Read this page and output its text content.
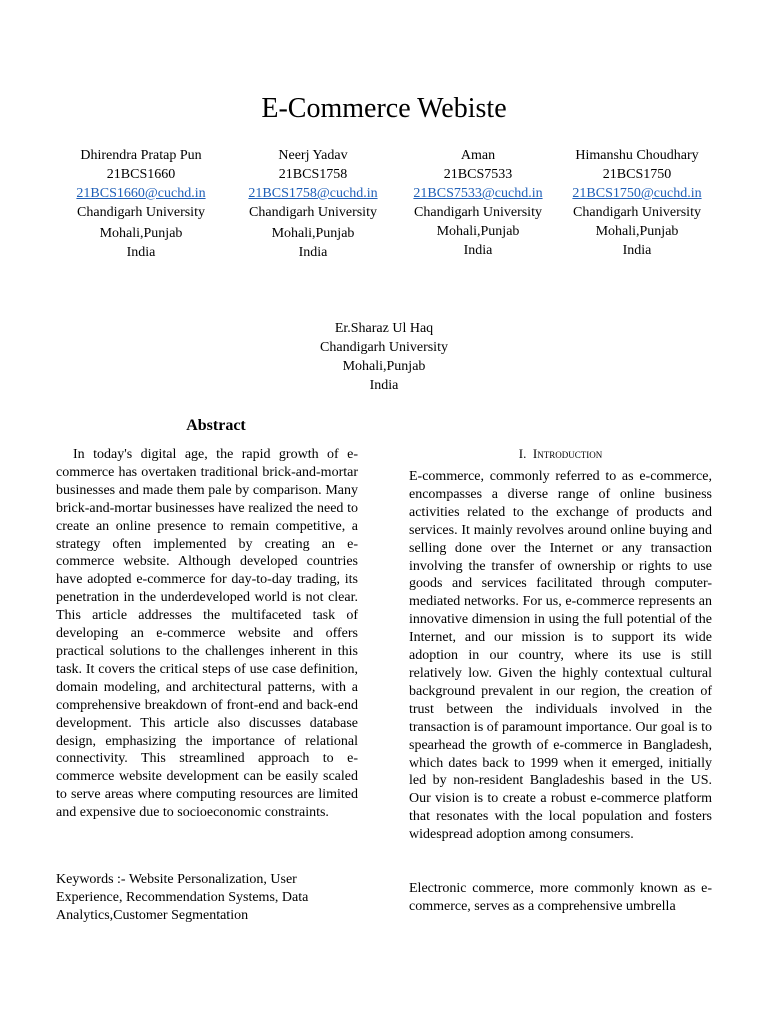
E-Commerce Webiste
Dhirendra Pratap Pun
21BCS1660
21BCS1660@cuchd.in
Chandigarh University
Mohali,Punjab
India
Neerj Yadav
21BCS1758
21BCS1758@cuchd.in
Chandigarh University
Mohali,Punjab
India
Aman
21BCS7533
21BCS7533@cuchd.in
Chandigarh University
Mohali,Punjab
India
Himanshu Choudhary
21BCS1750
21BCS1750@cuchd.in
Chandigarh University
Mohali,Punjab
India
Er.Sharaz Ul Haq
Chandigarh University
Mohali,Punjab
India
Abstract

In today's digital age, the rapid growth of e-commerce has overtaken traditional brick-and-mortar businesses and made them pale by comparison. Many brick-and-mortar businesses have realized the need to create an online presence to remain competitive, a strategy often implemented by creating an e-commerce website. Although developed countries have adopted e-commerce for day-to-day trading, its penetration in the underdeveloped world is not clear. This article addresses the multifaceted task of developing an e-commerce website and offers practical solutions to the challenges inherent in this task. It covers the critical steps of use case definition, domain modeling, and architectural patterns, with a comprehensive breakdown of front-end and back-end development. This article also discusses database design, emphasizing the importance of relational connectivity. This streamlined approach to e-commerce website development can be easily scaled to serve areas where computing resources are limited and expensive due to socioeconomic constraints.

Keywords :- Website Personalization, User Experience, Recommendation Systems, Data Analytics,Customer Segmentation

I.  Introduction

E-commerce, commonly referred to as e-commerce, encompasses a diverse range of online business activities related to the exchange of products and services. It mainly revolves around online buying and selling done over the Internet or any transaction involving the transfer of ownership or rights to use goods and services facilitated through computer-mediated networks. For us, e-commerce represents an innovative dimension in using the full potential of the Internet, and our mission is to support its wide adoption in our country, where its use is still relatively low. Given the highly contextual cultural background prevalent in our region, the creation of trust between the individuals involved in the transaction is of paramount importance. Our goal is to spearhead the growth of e-commerce in Bangladesh, which dates back to 1999 when it emerged, initially led by non-resident Bangladeshis based in the US. Our vision is to create a robust e-commerce platform that resonates with the local population and fosters widespread adoption among consumers.

Electronic commerce, more commonly known as e-commerce, serves as a comprehensive umbrella
